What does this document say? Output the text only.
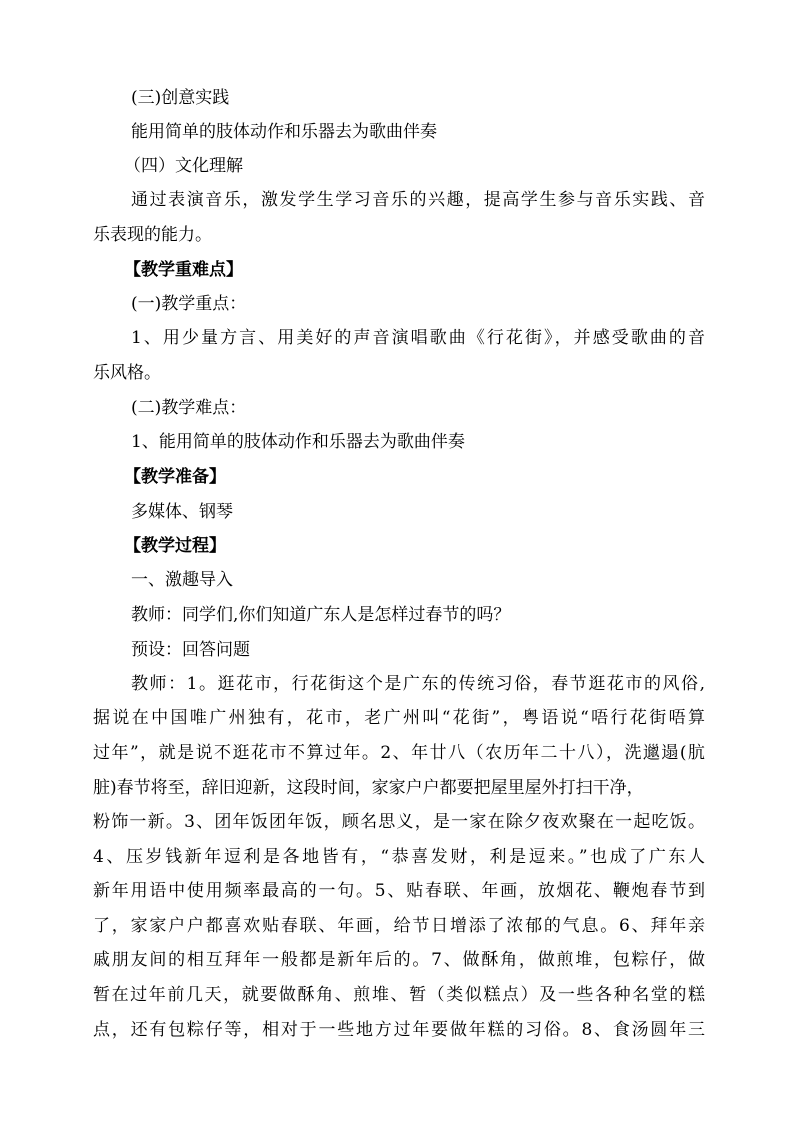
(三)创意实践
能用简单的肢体动作和乐器去为歌曲伴奏
（四）文化理解
通过表演音乐，激发学生学习音乐的兴趣，提高学生参与音乐实践、音
乐表现的能力。
【教学重难点】
(一)教学重点：
1、用少量方言、用美好的声音演唱歌曲《行花街》，并感受歌曲的音
乐风格。
(二)教学难点：
1、能用简单的肢体动作和乐器去为歌曲伴奏
【教学准备】
多媒体、钢琴
【教学过程】
一、激趣导入
教师：同学们,你们知道广东人是怎样过春节的吗？
预设：回答问题
教师：1。逛花市，行花街这个是广东的传统习俗，春节逛花市的风俗,
据说在中国唯广州独有，花市，老广州叫“花街”，粤语说“唔行花街唔算
过年”，就是说不逛花市不算过年。2、年廿八（农历年二十八），洗邋遢(肮
脏)春节将至，辞旧迎新，这段时间，家家户户都要把屋里屋外打扫干净，
粉饰一新。3、团年饭团年饭，顾名思义，是一家在除夕夜欢聚在一起吃饭。
4、压岁钱新年逗利是各地皆有，“恭喜发财，利是逗来。”也成了广东人
新年用语中使用频率最高的一句。5、贴春联、年画，放烟花、鞭炮春节到
了，家家户户都喜欢贴春联、年画，给节日增添了浓郁的气息。6、拜年亲
戚朋友间的相互拜年一般都是新年后的。7、做酥角，做煎堆，包粽仔，做
暂在过年前几天，就要做酥角、煎堆、暂（类似糕点）及一些各种名堂的糕
点，还有包粽仔等，相对于一些地方过年要做年糕的习俗。8、食汤圆年三
